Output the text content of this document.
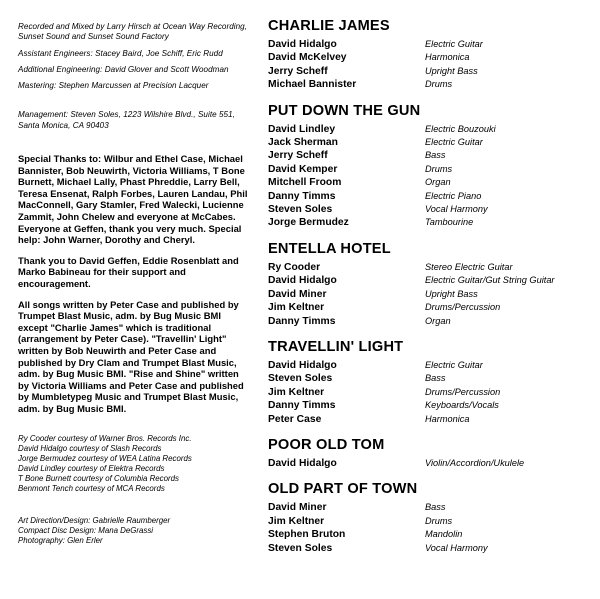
Recorded and Mixed by Larry Hirsch at Ocean Way Recording, Sunset Sound and Sunset Sound Factory

Assistant Engineers: Stacey Baird, Joe Schiff, Eric Rudd

Additional Engineering: David Glover and Scott Woodman

Mastering: Stephen Marcussen at Precision Lacquer

Management: Steven Soles, 1223 Wilshire Blvd., Suite 551, Santa Monica, CA 90403

Special Thanks to: Wilbur and Ethel Case, Michael Bannister, Bob Neuwirth, Victoria Williams, T Bone Burnett, Michael Lally, Phast Phreddie, Larry Bell, Teresa Ensenat, Ralph Forbes, Lauren Landau, Phil MacConnell, Gary Stamler, Fred Walecki, Lucienne Zammit, John Chelew and everyone at McCabes. Everyone at Geffen, thank you very much. Special help: John Warner, Dorothy and Cheryl.

Thank you to David Geffen, Eddie Rosenblatt and Marko Babineau for their support and encouragement.

All songs written by Peter Case and published by Trumpet Blast Music, adm. by Bug Music BMI except "Charlie James" which is traditional (arrangement by Peter Case). "Travellin' Light" written by Bob Neuwirth and Peter Case and published by Dry Clam and Trumpet Blast Music, adm. by Bug Music BMI. "Rise and Shine" written by Victoria Williams and Peter Case and published by Mumbletypeg Music and Trumpet Blast Music, adm. by Bug Music BMI.

Ry Cooder courtesy of Warner Bros. Records Inc.

David Hidalgo courtesy of Slash Records

Jorge Bermudez courtesy of WEA Latina Records

David Lindley courtesy of Elektra Records

T Bone Burnett courtesy of Columbia Records

Benmont Tench courtesy of MCA Records

Art Direction/Design: Gabrielle Raumberger

Compact Disc Design: Mana DeGrassi

Photography: Glen Erler

CHARLIE JAMES

David Hidalgo	Electric Guitar
David McKelvey	Harmonica
Jerry Scheff	Upright Bass
Michael Bannister	Drums

PUT DOWN THE GUN

David Lindley	Electric Bouzouki
Jack Sherman	Electric Guitar
Jerry Scheff	Bass
David Kemper	Drums
Mitchell Froom	Organ
Danny Timms	Electric Piano
Steven Soles	Vocal Harmony
Jorge Bermudez	Tambourine

ENTELLA HOTEL

Ry Cooder	Stereo Electric Guitar
David Hidalgo	Electric Guitar/Gut String Guitar
David Miner	Upright Bass
Jim Keltner	Drums/Percussion
Danny Timms	Organ

TRAVELLIN' LIGHT

David Hidalgo	Electric Guitar
Steven Soles	Bass
Jim Keltner	Drums/Percussion
Danny Timms	Keyboards/Vocals
Peter Case	Harmonica

POOR OLD TOM

David Hidalgo	Violin/Accordion/Ukulele

OLD PART OF TOWN

David Miner	Bass
Jim Keltner	Drums
Stephen Bruton	Mandolin
Steven Soles	Vocal Harmony
